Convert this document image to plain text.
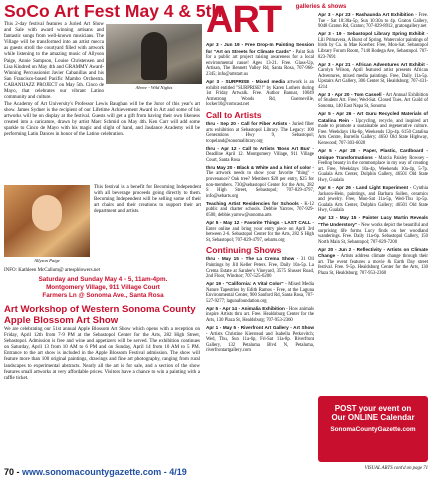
SoCo Art Fest May 4 & 5th
This 2-day festival features a Juried Art Show and Sale with award winning artisans and fantastic songs from well-known musicians. The Village will be transformed into an artist mecca as guests stroll the courtyard filled with artwork while listening to the amazing music of Allyson Paige, Annie Sampson, Louise Christensen and Lisa Kindred on May 4th and GRAMMY Award-Winning Percussionist Javier Cabanillas and his San Francisco-based Pacific Mambo Orchestra. CABANIJAZZ PROJECT on May 5th. Cinco de Mayo, that celebrates our vibrant Latino community and culture.
Above - Wild Nights
The Academy of Art University's Professor Lewis Baughan will be the Juror of this year's art show. James Sydner is the recipient of our Lifetime Achievement Award in Art and some of his artworks will be on display at the festival. Guests will get a gift from having their own likeness created into a caricature, drawn by artist Marc Schmid on May 4th. Ken Carr will add some sparkle to Cinco de Mayo with his magic and slight of hand, and Jasdance Academy will be performing Latin Dances in honor of the Latino celebration.
Allyson Paige
This festival is a benefit for Becoming Independent with all beverage proceeds going directly to them. Becoming Independent will be selling some of their art chairs and their creations to support their art department and artists.
INFO: Kathleen McCallum@ artesphlowers.net
Saturday and Sunday May 4 - 5, 11am-4pm.
Montgomery Village, 911 Village Court
Farmers Ln @ Sonoma Ave., Santa Rosa
Art Workshop of Western Sonoma County Apple Blossom Art Show
We are celebrating our 51st annual Apple Blossom Art Show which opens with a reception on Friday, April 12th from 7-9 PM at the Sebastopol Center for the Arts, 282 High Street, Sebastopol. Admission is free and wine and appetizers will be served. The exhibition continues on Saturday, April 13 from 10 AM to 6 PM and on Sunday, April 14 from 10 AM to 5 PM. Entrance to the art show is included in the Apple Blossom Festival admission. The show will feature more than 100 original paintings, drawings and fine art photography, ranging from rural landscapes to experimental abstracts. Nearly all the art is for sale, and a section of the show features small artworks at very affordable prices. Visitors have a chance to win a painting with a raffle ticket.
70 - www.sonomacountygazette.com - 4/19
ART	galleries & shows
Apr 3 - Jun 19 - Free Drop-In Painting Session for "Art on Streets for Climate Cards" - Paint Sub for a public art project raising awareness for a local environmental cause! Ages 13-21. Free. Glass-Up, Artisan, The Bennett Valley Rd, Santa Rosa, 707-966-2345; info@artstart.us
Apr 3 - SURPRISE - Mixed media artwork is an exhibit entitled "SURPRISE!!" by Karen Lothers during 1st Friday Artwalk. Free. Author Bannat, 10049 Armstrong Woods Rd, Guerneville, locker10@comcast.net
Call to Artists
thru - Sep 20 - Call for Fiber Artists - Juried fiber arts exhibition at Sebastopol Library. The Legacy: 100 Generations Hwy 9, Sebastopol; tcopeland@sonomalibrary.org
thru - Apr 12 - Call to Artists 'Boss Art Bus' - Deadline April 12. Montgomery Village, 911 Village Court, Santa Rosa
thru May 20 - Black & White and a hint of color - The artwork needs to show your favorite "thing" - provenance? Oak tree? Members $20 per entry, $25 for non-members. 730@sebastopol Center for the Arts, 282 S High Street, Sebastopol; 707-829-4797, info@sebarts.org
Teaching Artist Residencies for Schools - K-12 public and charter schools. Debbie Yarrow, 707-929-0500, debbie.yarrow@sonoma.arts
Apr 5 - May 12 - Favorite Things - LAST CALL - Enter online and bring your entry piece on April 3rd between 2-6. Sebastopol Center for the Arts, 282 S High St, Sebastopol; 707-829-4797, sebarts.org
Continuing Shows
thru - May 15 - The La Crema Show - 31 Oil Paintings by Jill Keller Peters. Free, Daily 10a-5p. La Crema Estate at Saralee's Vineyard, 3575 Slusser Road, 2nd Floor, Windsor; 707-525-6200
Apr 19 - "California: A Vital Color" - Mixed Media Nature Tapestries by Edith Ramos - Free, at the Laguna Environmental Center, 900 Sanford Rd, Santa Rosa, 707-527-9277; lagunafoundation.org
Apr 5 - Apr 14 - Animalia Exhibition - How animals inspire Artists thru art. Free. Healdsburg Center for the Arts, 130 Plaza St, Healdsburg; 707-953-2360
Apr 1 - May 5 - Riverfront Art Gallery - Art Show - Artists Christine Kierstead and Isabella Petkovitch; Wed, Thu, Sun 11a-6p, Fri-Sat 11a-8p. Riverfront Gallery, 132 Petaluma Blvd N, Petaluma, riverfrontartgallery.com
Apr 3 - Apr 23 - Rashaunda Art Exhibition - Free. Tue - Sat 10:30a-5p, Sun 10:30a to 4p. Graton Gallery, 9048 Graton Rd, Graton; 707-829-8912, gratongallery.net
Apr 3 - 19 - Sebastopol Library Spring Exhibit - Lili Primavera, A Burst of Spring. Watercolor paintings of birds by Ca. in Mae Koerber. Free, Mon-Sat. Sebastopol Library Forum Room, 7140 Bodega Ave, Sebastopol. 707-823-7691
Apr 3 - Apr 21 - African Adventures Art Exhibit - Carolyn Wilson, April featured artist presents African Adventures, mixed media paintings. Free, Daily 11a-5p. Upstairs Art Gallery, 306 Center St, Healdsburg; 707-431-4214
Apr 3 - Apr 20 - Tom Cassell - Art Annual Exhibition of Student Art. Free; Wed-Sat. Closed Tues. Art Guild of Sonoma, 140 East Napa St, Sonoma
Apr 5 - Apr 26 - Art Guru Recycled Materials of Catalina Rein - Upcycling, recycle, and inspired art made to promote a sustainable and regenerative culture. Free. Weekdays 10a-6p, Weekends 12p-4p. 6150 Catalina Arts Centre, Burrello Gallery; 4650 Old State Highway, Kenwood; 707-303-6020
Apr 5 - Apr 28 - Paper, Plastic, Cardboard - Unique Transformations - Marcia Paisley Rowsey - Feeling beauty in the commonplace in my way of creating art. Free, Weekdays 10a-4p, Weekends 10a-4p, 5-7p. Gualala Arts Center, Dolphin Gallery, 46501 Old State Hwy, Gualala
Apr 6 - Apr 26 - Land Light Experiment - Cynthia Jackson-Hein, paintings, and Barbara Sullen, ceramics and jewelry. Free, Mon-Sat 11a-5p, Wed-Thu 1p-5p. Gualala Arts Center, Dolphin Gallery; 46501 Old State Hwy, Gualala
Apr 13 - May 15 - Painter Lucy Martin Reveals "The Understory" - New works depict the beautiful and surprising life forms Lucy finds on her woodland wanderings. Free. Daily 11a-6p. Sebastopol Gallery, 150 North Main St, Sebastopol; 707-829-7200
Apr 20 - Jun 2 - Reflectivity - Artists on Climate Change - Artists address climate change through their art. The event features a movie & Earth Day street festival. Free. 9-5p. Healdsburg Center for the Arts, 130 Plaza St, Healdsburg; 707-953-2360
POST your event on
Our ONLINE Calendar
SonomaCountyGazette.com
VISUAL ARTS cont'd on page 71
